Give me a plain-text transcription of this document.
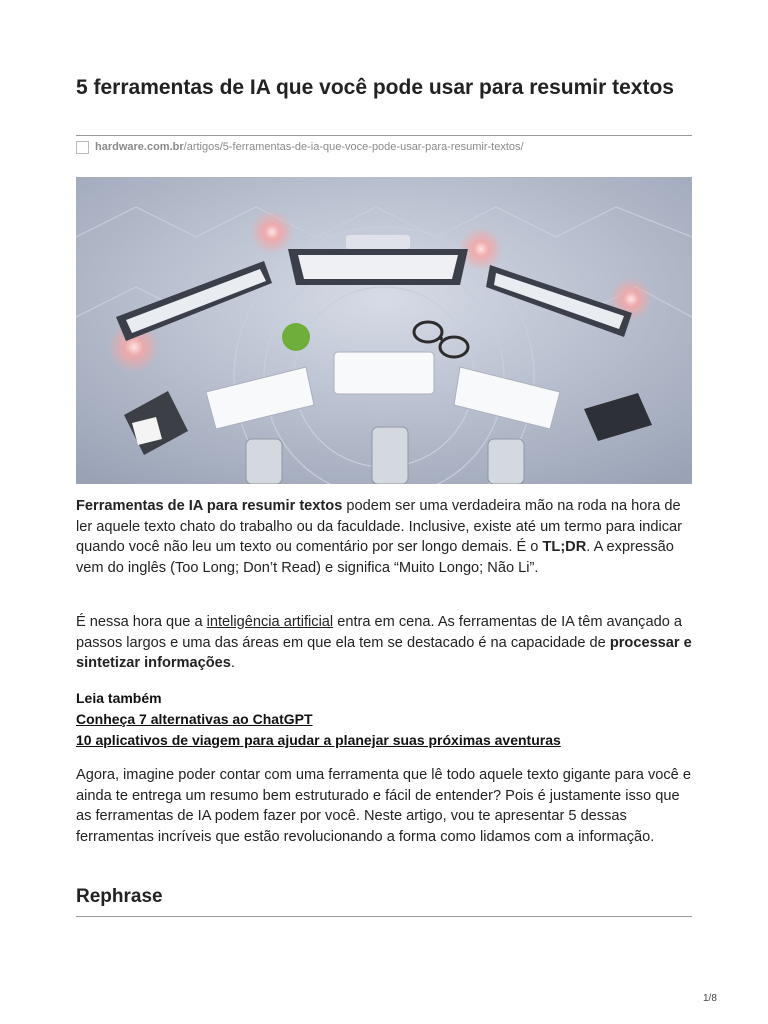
5 ferramentas de IA que você pode usar para resumir textos
hardware.com.br /artigos/5-ferramentas-de-ia-que-voce-pode-usar-para-resumir-textos/

Ferramentas de IA para resumir textos podem ser uma verdadeira mão na roda na hora de ler aquele texto chato do trabalho ou da faculdade. Inclusive, existe até um termo para indicar quando você não leu um texto ou comentário por ser longo demais. É o TL;DR. A expressão vem do inglês (Too Long; Don’t Read) e significa “Muito Longo; Não Li”.

É nessa hora que a inteligência artificial entra em cena. As ferramentas de IA têm avançado a passos largos e uma das áreas em que ela tem se destacado é na capacidade de processar e sintetizar informações.

Leia também
Conheça 7 alternativas ao ChatGPT
10 aplicativos de viagem para ajudar a planejar suas próximas aventuras

Agora, imagine poder contar com uma ferramenta que lê todo aquele texto gigante para você e ainda te entrega um resumo bem estruturado e fácil de entender? Pois é justamente isso que as ferramentas de IA podem fazer por você. Neste artigo, vou te apresentar 5 dessas ferramentas incríveis que estão revolucionando a forma como lidamos com a informação.

Rephrase
1/8
